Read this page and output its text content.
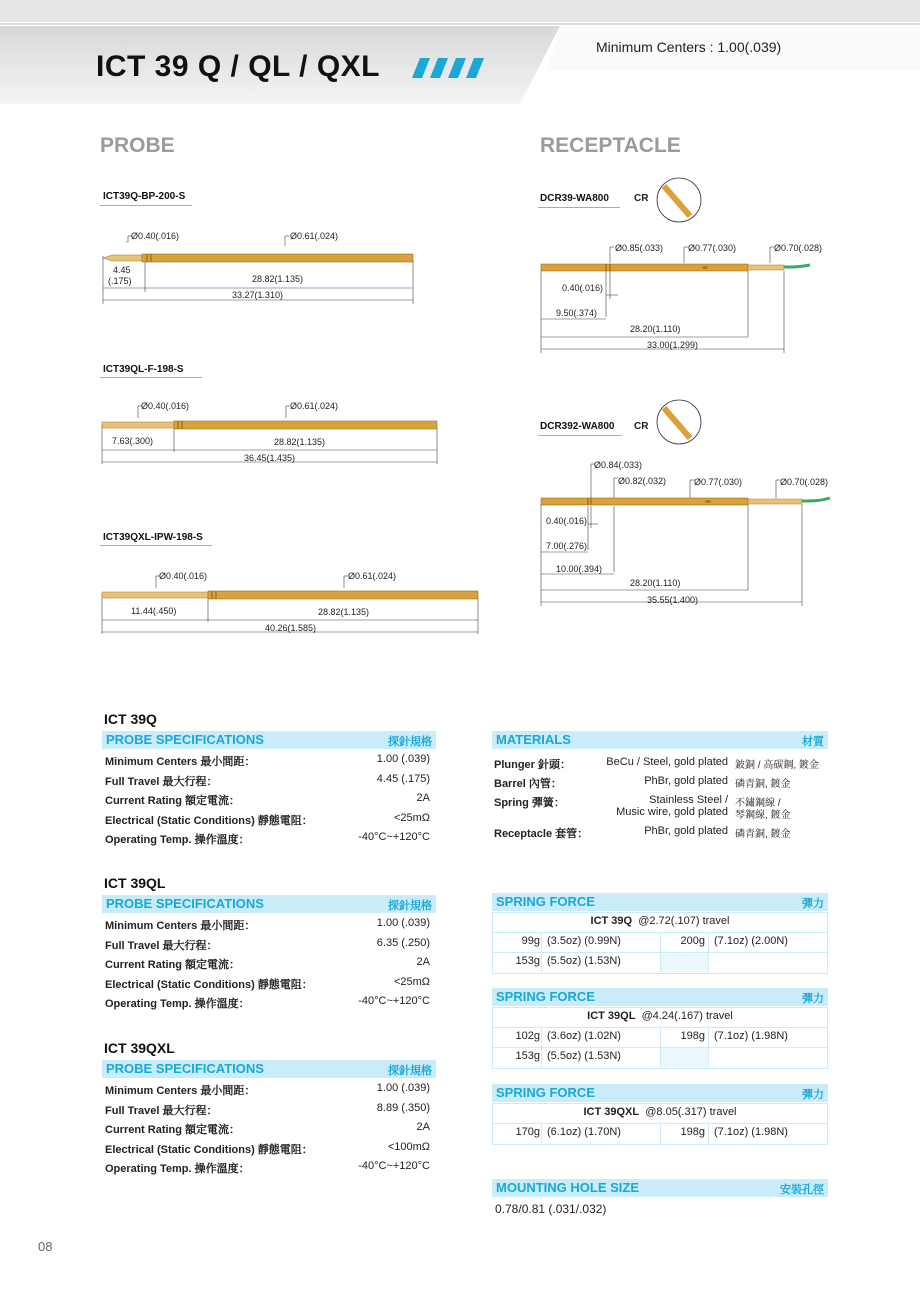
ICT 39 Q / QL / QXL
Minimum Centers : 1.00(.039)
PROBE	RECEPTACLE
ICT39Q-BP-200-S
Ø0.40(.016)	Ø0.61(.024)
4.45
(.175)	28.82(1.135)
33.27(1.310)
ICT39QL-F-198-S
Ø0.40(.016)	Ø0.61(.024)
7.63(.300)	28.82(1.135)
36.45(1.435)
ICT39QXL-IPW-198-S
Ø0.40(.016)	Ø0.61(.024)
11.44(.450)	28.82(1.135)
40.26(1.585)
DCR39-WA800	CR
Ø0.85(.033)	Ø0.77(.030)	Ø0.70(.028)
0.40(.016)
9.50(.374)
28.20(1.110)
33.00(1.299)
DCR392-WA800 CR
Ø0.84(.033)
Ø0.82(.032)	Ø0.77(.030)	Ø0.70(.028)
0.40(.016)
7.00(.276)
10.00(.394)
28.20(1.110)
35.55(1.400)
ICT 39Q
PROBE SPECIFICATIONS	探針規格
Minimum Centers 最小間距：	1.00 (.039)
Full Travel 最大行程：	4.45 (.175)
Current Rating 額定電流：	2A
Electrical (Static Conditions) 靜態電阻：	<25mΩ
Operating Temp. 操作溫度：	-40°C~+120°C
ICT 39QL
PROBE SPECIFICATIONS	探針規格
Minimum Centers 最小間距：	1.00 (.039)
Full Travel 最大行程：	6.35 (.250)
Current Rating 額定電流：	2A
Electrical (Static Conditions) 靜態電阻：	<25mΩ
Operating Temp. 操作溫度：	-40°C~+120°C
ICT 39QXL
PROBE SPECIFICATIONS	探針規格
Minimum Centers 最小間距：	1.00 (.039)
Full Travel 最大行程：	8.89 (.350)
Current Rating 額定電流：	2A
Electrical (Static Conditions) 靜態電阻：	<100mΩ
Operating Temp. 操作溫度：	-40°C~+120°C
MATERIALS	材質
Plunger 針頭：	BeCu / Steel, gold plated 鈹銅 / 高碳鋼, 鍍金
Barrel 內管：	PhBr, gold plated 磷青銅, 鍍金
Spring 彈簧：	Stainless Steel /
Music wire, gold plated
不鏽鋼線 /
琴鋼線, 鍍金
Receptacle 套管：	PhBr, gold plated 磷青銅, 鍍金
SPRING FORCE	彈力
ICT 39Q @2.72(.107) travel
99g (3.5oz) (0.99N)	200g (7.1oz) (2.00N)
153g (5.5oz) (1.53N)
SPRING FORCE	彈力
ICT 39QL @4.24(.167) travel
102g (3.6oz) (1.02N)	198g (7.1oz) (1.98N)
153g (5.5oz) (1.53N)
SPRING FORCE	彈力
ICT 39QXL @8.05(.317) travel
170g (6.1oz) (1.70N)	198g (7.1oz) (1.98N)
MOUNTING HOLE SIZE	安裝孔徑
0.78/0.81 (.031/.032)
08
